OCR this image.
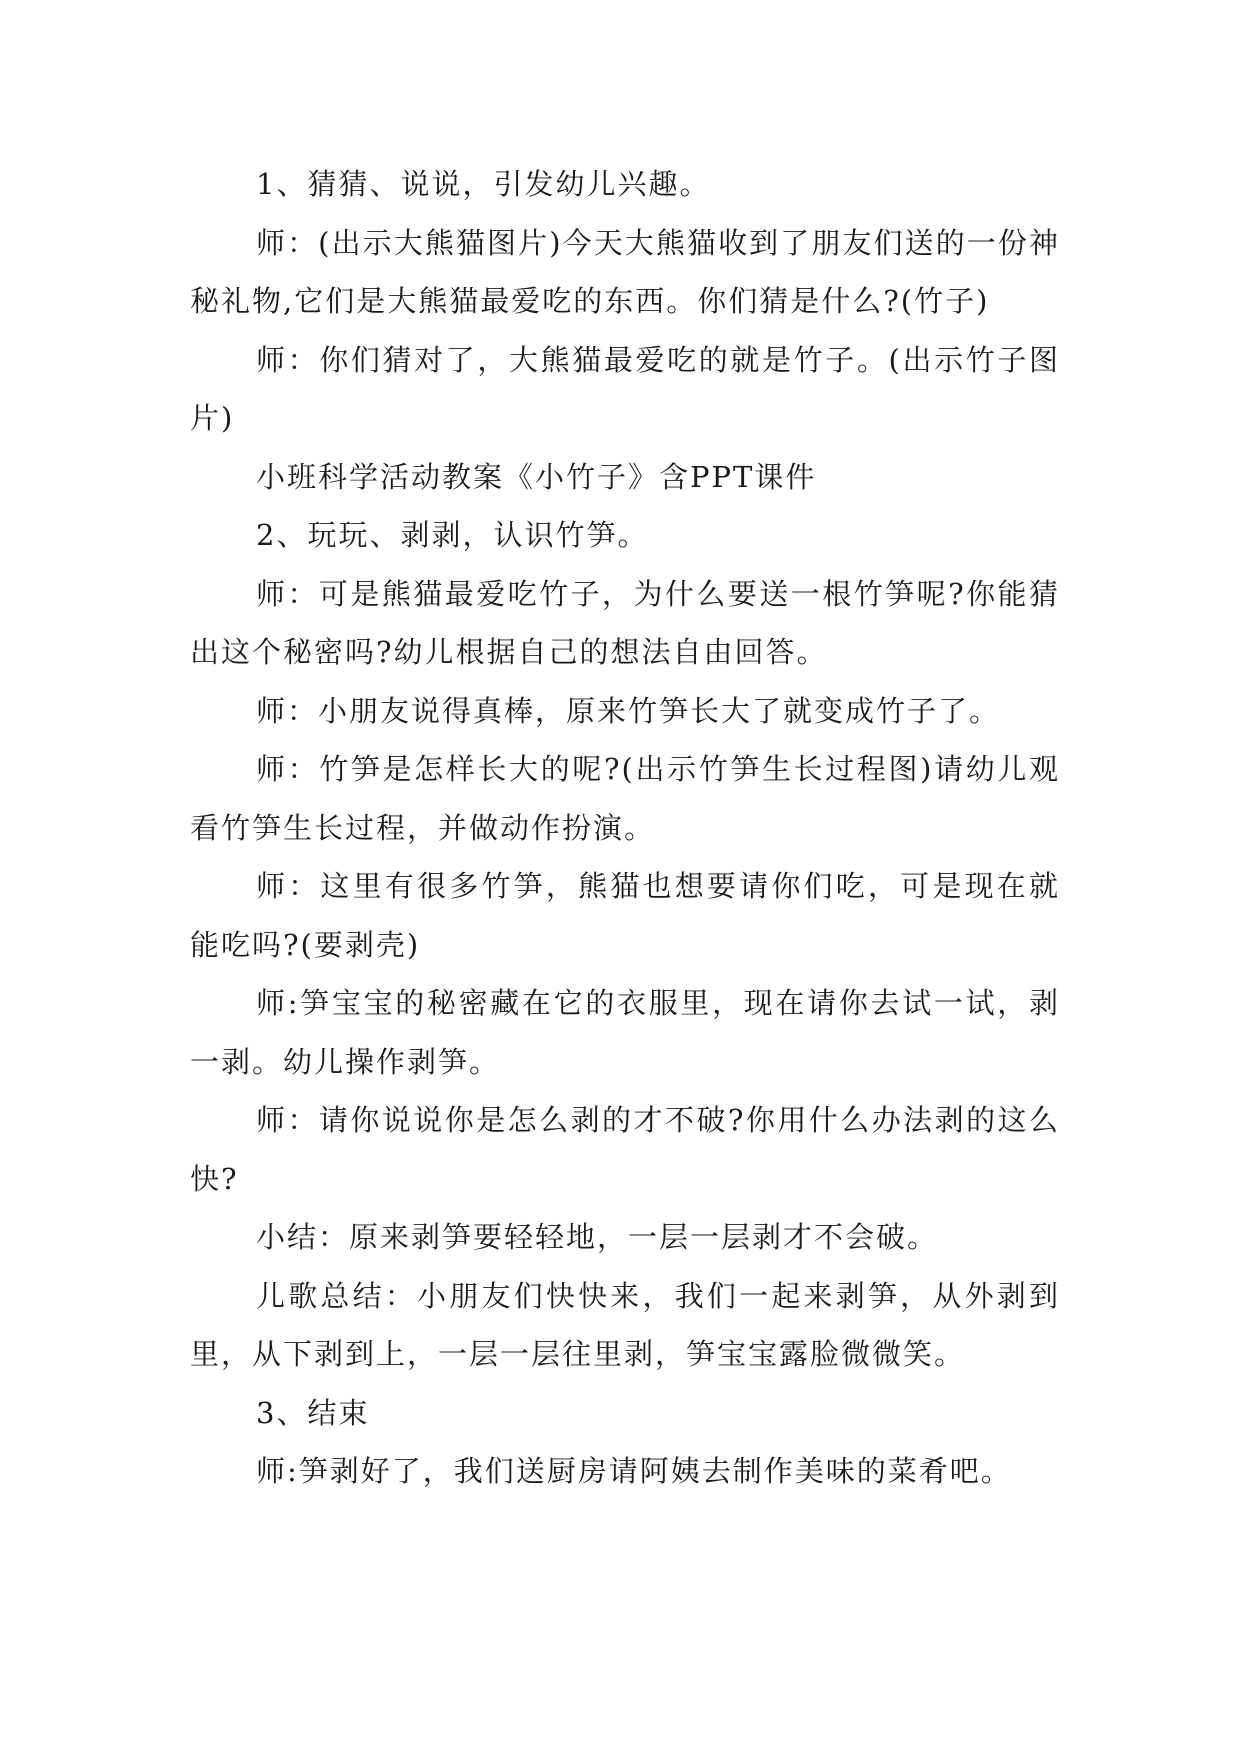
1、猜猜、说说，引发幼儿兴趣。

师：(出示大熊猫图片)今天大熊猫收到了朋友们送的一份神秘礼物,它们是大熊猫最爱吃的东西。你们猜是什么?(竹子)

师：你们猜对了，大熊猫最爱吃的就是竹子。(出示竹子图片)

小班科学活动教案《小竹子》含PPT课件

2、玩玩、剥剥，认识竹笋。

师：可是熊猫最爱吃竹子，为什么要送一根竹笋呢?你能猜出这个秘密吗?幼儿根据自己的想法自由回答。

师：小朋友说得真棒，原来竹笋长大了就变成竹子了。

师：竹笋是怎样长大的呢?(出示竹笋生长过程图)请幼儿观看竹笋生长过程，并做动作扮演。

师：这里有很多竹笋，熊猫也想要请你们吃，可是现在就能吃吗?(要剥壳)

师:笋宝宝的秘密藏在它的衣服里，现在请你去试一试，剥一剥。幼儿操作剥笋。

师：请你说说你是怎么剥的才不破?你用什么办法剥的这么快?

小结：原来剥笋要轻轻地，一层一层剥才不会破。

儿歌总结：小朋友们快快来，我们一起来剥笋，从外剥到里，从下剥到上，一层一层往里剥，笋宝宝露脸微微笑。

3、结束

师:笋剥好了，我们送厨房请阿姨去制作美味的菜肴吧。
